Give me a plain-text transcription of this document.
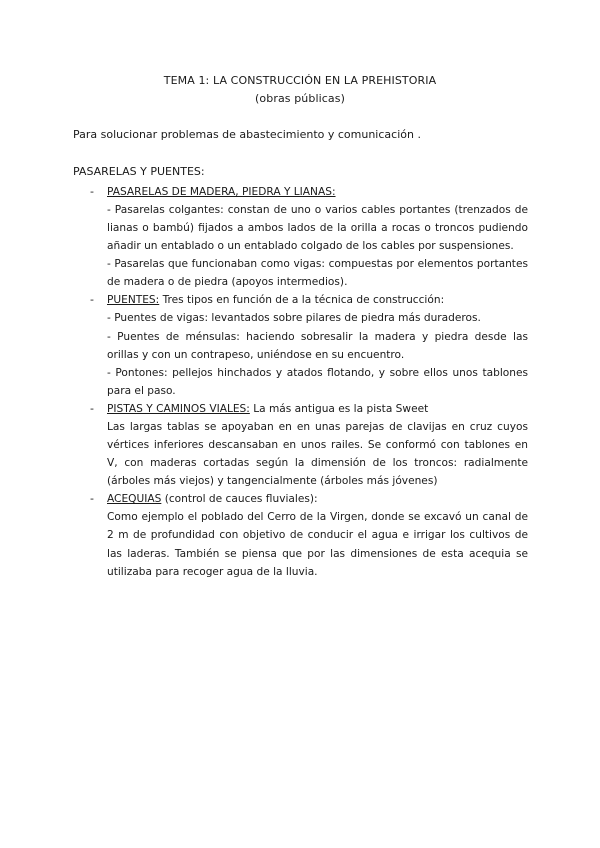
TEMA 1: LA CONSTRUCCIÓN EN LA PREHISTORIA
(obras públicas)
Para solucionar problemas de abastecimiento y comunicación .
PASARELAS Y PUENTES:
- PASARELAS DE MADERA, PIEDRA Y LIANAS:

- Pasarelas colgantes: constan de uno o varios cables portantes (trenzados de lianas o bambú) fijados a ambos lados de la orilla a rocas o troncos pudiendo añadir un entablado o un entablado colgado de los cables por suspensiones.

- Pasarelas que funcionaban como vigas: compuestas por elementos portantes de madera o de piedra (apoyos intermedios).

- PUENTES: Tres tipos en función de a la técnica de construcción:

- Puentes de vigas: levantados sobre pilares de piedra más duraderos.

- Puentes de ménsulas: haciendo sobresalir la madera y piedra desde las orillas y con un contrapeso, uniéndose en su encuentro.

- Pontones: pellejos hinchados y atados flotando, y sobre ellos unos tablones para el paso.

- PISTAS Y CAMINOS VIALES: La más antigua es la pista Sweet

Las largas tablas se apoyaban en en unas parejas de clavijas en cruz cuyos vértices inferiores descansaban en unos railes. Se conformó con tablones en V, con maderas cortadas según la dimensión de los troncos: radialmente (árboles más viejos) y tangencialmente (árboles más jóvenes)

- ACEQUIAS (control de cauces fluviales):

Como ejemplo el poblado del Cerro de la Virgen, donde se excavó un canal de 2 m de profundidad con objetivo de conducir el agua e irrigar los cultivos de las laderas. También se piensa que por las dimensiones de esta acequia se utilizaba para recoger agua de la lluvia.
